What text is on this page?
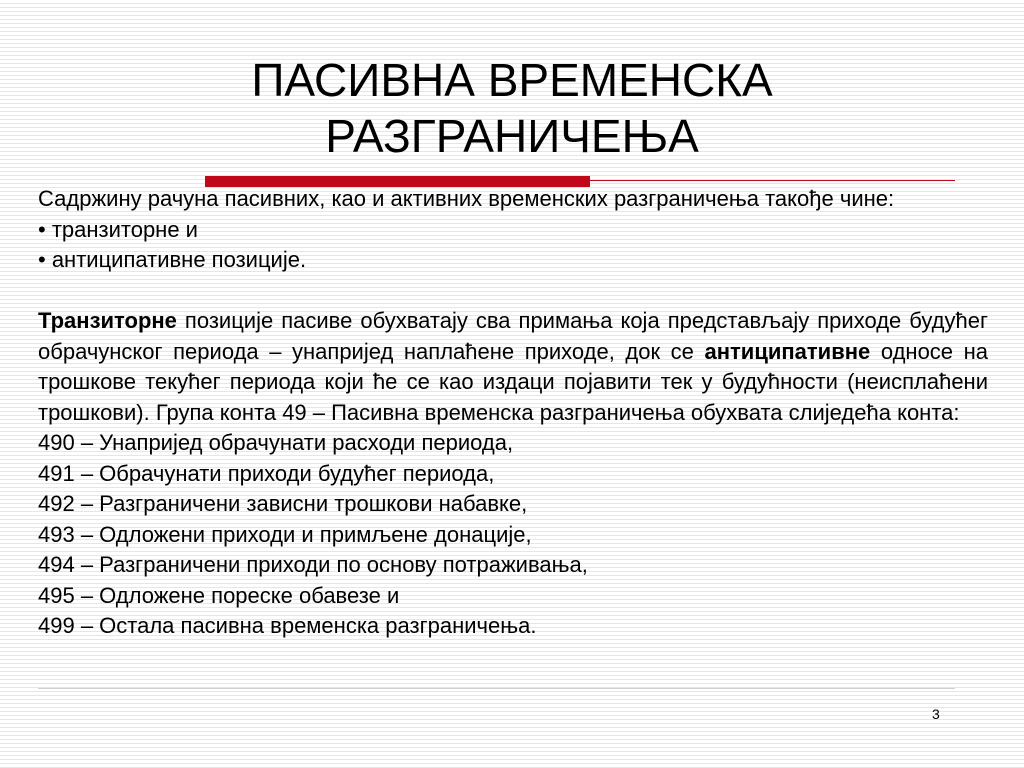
ПАСИВНА ВРЕМЕНСКА
РАЗГРАНИЧЕЊА

Садржину рачуна пасивних, као и активних временских разграничења такође чине:

• транзиторне и

• антиципативне позиције.

Транзиторне позиције пасиве обухватају сва примања која представљају приходе будућег обрачунског периода – унапријед наплаћене приходе, док се антиципативне односе на трошкове текућег периода који ће се као издаци појавити тек у будућности (неисплаћени трошкови). Група конта 49 – Пасивна временска разграничења обухвата слиједећа конта:

490 – Унапријед обрачунати расходи периода,

491 – Обрачунати приходи будућег периода,

492 – Разграничени зависни трошкови набавке,

493 – Одложени приходи и примљене донације,

494 – Разграничени приходи по основу потраживања,

495 – Одложене пореске обавезе и

499 – Остала пасивна временска разграничења.

3
